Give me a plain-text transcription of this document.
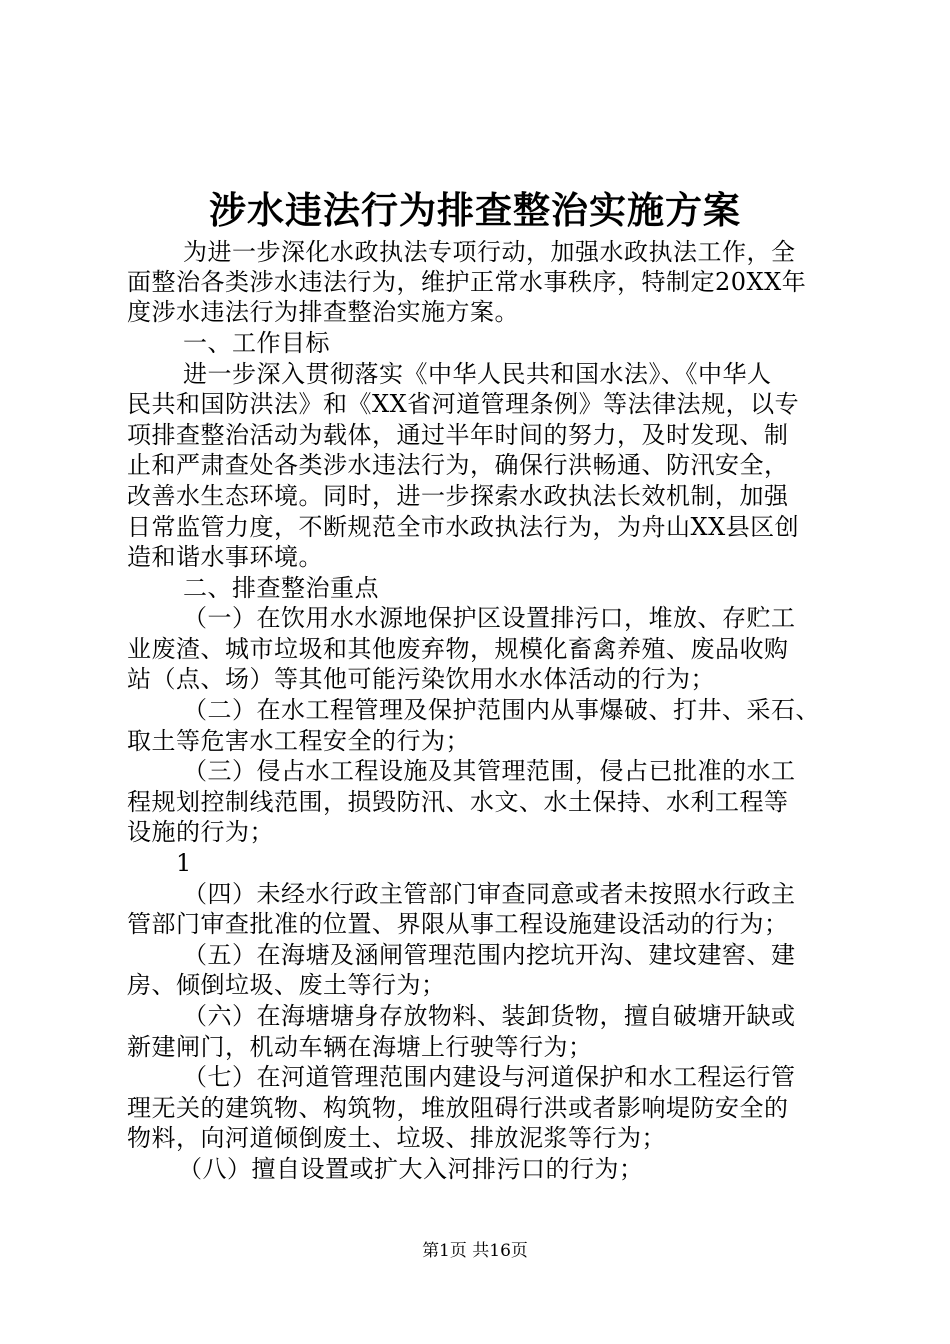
涉水违法行为排查整治实施方案
为进一步深化水政执法专项行动，加强水政执法工作，全
面整治各类涉水违法行为，维护正常水事秩序，特制定20XX年
度涉水违法行为排查整治实施方案。
一、工作目标
进一步深入贯彻落实《中华人民共和国水法》、《中华人
民共和国防洪法》和《XX省河道管理条例》等法律法规，以专
项排查整治活动为载体，通过半年时间的努力，及时发现、制
止和严肃查处各类涉水违法行为，确保行洪畅通、防汛安全，
改善水生态环境。同时，进一步探索水政执法长效机制，加强
日常监管力度，不断规范全市水政执法行为，为舟山XX县区创
造和谐水事环境。
二、排查整治重点
（一）在饮用水水源地保护区设置排污口，堆放、存贮工
业废渣、城市垃圾和其他废弃物，规模化畜禽养殖、废品收购
站（点、场）等其他可能污染饮用水水体活动的行为；
（二）在水工程管理及保护范围内从事爆破、打井、采石、
取土等危害水工程安全的行为；
（三）侵占水工程设施及其管理范围，侵占已批准的水工
程规划控制线范围，损毁防汛、水文、水土保持、水利工程等
设施的行为；
1
（四）未经水行政主管部门审查同意或者未按照水行政主
管部门审查批准的位置、界限从事工程设施建设活动的行为；
（五）在海塘及涵闸管理范围内挖坑开沟、建坟建窖、建
房、倾倒垃圾、废土等行为；
（六）在海塘塘身存放物料、装卸货物，擅自破塘开缺或
新建闸门，机动车辆在海塘上行驶等行为；
（七）在河道管理范围内建设与河道保护和水工程运行管
理无关的建筑物、构筑物，堆放阻碍行洪或者影响堤防安全的
物料，向河道倾倒废土、垃圾、排放泥浆等行为；
（八）擅自设置或扩大入河排污口的行为；
第1页 共16页
